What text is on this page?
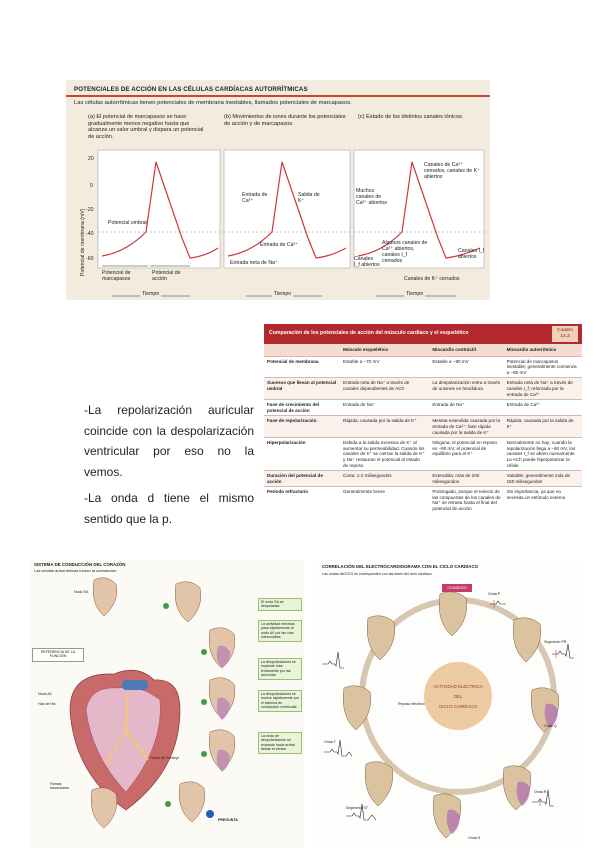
POTENCIALES DE ACCIÓN EN LAS CÉLULAS CARDÍACAS AUTORRÍTMICAS
Las células autorrítmicas tienen potenciales de membrana inestables, llamados potenciales de marcapasos.
(a) El potencial de marcapasos se hace gradualmente menos negativo hasta que alcanza un valor umbral y dispara un potencial de acción.
(b) Movimientos de iones durante los potenciales de acción y de marcapasos.
(c) Estado de los distintos canales iónicos.
Potencial de membrana (mV)
20
0
-20
-40
-60
Potencial umbral
Potencial de marcapasos
Potencial de acción
Entrada de Ca²⁺
Salida de K⁺
Entrada de Ca²⁺
Entrada neta de Na⁺
Canales de Ca²⁺ cerrados, canales de K⁺ abiertos
Muchos canales de Ca²⁺ abiertos
Algunos canales de Ca²⁺ abiertos, canales I_f cerrados
Canales I_f abiertos
Canales I_f abiertos
Canales de K⁺ cerrados
Tiempo	Tiempo	Tiempo
Comparación de los potenciales de acción del músculo cardíaco y el esquelético	Cuadro 14.3
	Músculo esquelético	Miocardio contráctil	Miocardio autorrítmico
Potencial de membrana	Estable a −70 mV	Estable a −90 mV	Potencial de marcapasos inestable; generalmente comienza a −60 mV
Sucesos que llevan al potencial umbral	Entrada neta de Na⁺ a través de canales dependientes de ACh	La despolarización entra a través de uniones en hendidura	Entrada neta de Na⁺ a través de canales I_f; reforzada por la entrada de Ca²⁺
Fase de crecimiento del potencial de acción	Entrada de Na⁺	Entrada de Na⁺	Entrada de Ca²⁺
Fase de repolarización	Rápida; causada por la salida de K⁺	Meseta extendida causada por la entrada de Ca²⁺; fase rápida causada por la salida de K⁺	Rápida; causada por la salida de K⁺
Hiperpolarización	Debida a la salida excesiva de K⁺ al aumentar su permeabilidad. Cuando los canales de K⁺ se cierran la salida de K⁺ y Na⁺ restauran el potencial al estado de reposo	Ninguna; el potencial en reposo es −90 mV, el potencial de equilibrio para el K⁺	Normalmente no hay; cuando la repolarización llega a −60 mV, los canales I_f se abren nuevamente. La ACh puede hiperpolarizar la célula
Duración del potencial de acción	Corta: 1-2 milisegundos	Extendida: más de 200 milisegundos	Variable; generalmente más de 150 milisegundos
Período refractario	Generalmente breve	Prolongado, porque el reinicio de las compuertas de los canales de Na⁺ se retrasa hasta el final del potencial de acción	Sin importancia, ya que no necesita un estímulo externo

-La repolarización auricular coincide con la despolarización ventricular por eso no la vemos.

-La onda d tiene el mismo sentido que la p.

SISTEMA DE CONDUCCIÓN DEL CORAZÓN
Las células autorrítmicas inician la contracción
REFERENCIA DE LA FUNCIÓN
Nodo SA
Nodo AV
Haz de His
Ramas fasciculares
Fibras de Purkinje
El nodo SA se despolariza.
La actividad eléctrica pasa rápidamente al nodo AV por las vías internodales.
La despolarización se expande más lentamente por las aurículas.
La despolarización se mueve rápidamente por el sistema de conducción ventricular.
La onda de despolarización se expande hacia arriba desde el vértice.
PREGUNTA
CORRELACIÓN DEL ELECTROCARDIOGRAMA CON EL CICLO CARDÍACO
Las ondas del ECG se corresponden con las fases del ciclo cardíaco.
COMIENZO
ACTIVIDAD ELÉCTRICA
DEL
CICLO CARDÍACO
Onda P
Segmento PR
Onda Q
Onda R
Onda S
Segmento ST
Onda T
Reposo eléctrico
